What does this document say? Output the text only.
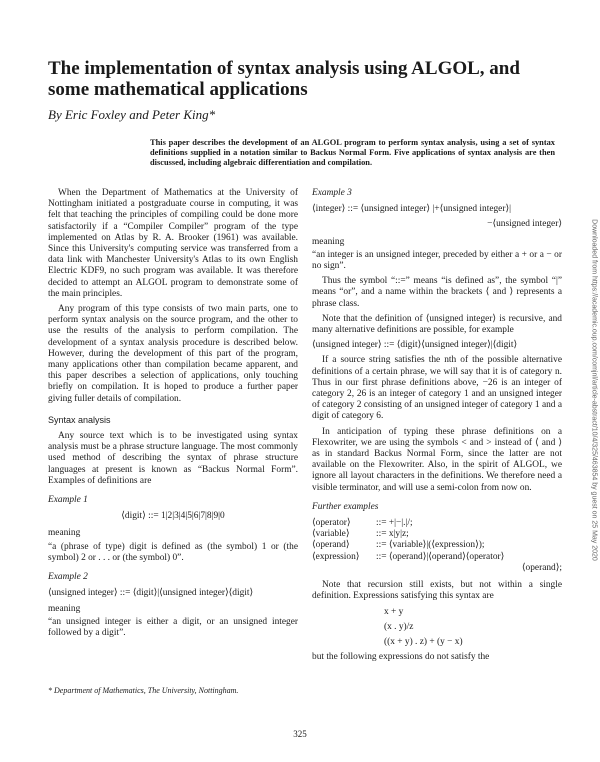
The implementation of syntax analysis using ALGOL, and some mathematical applications
By Eric Foxley and Peter King*
This paper describes the development of an ALGOL program to perform syntax analysis, using a set of syntax definitions supplied in a notation similar to Backus Normal Form. Five applications of syntax analysis are then discussed, including algebraic differentiation and compilation.

When the Department of Mathematics at the University of Nottingham initiated a postgraduate course in computing, it was felt that teaching the principles of compiling could be done more satisfactorily if a “Compiler Compiler” program of the type implemented on Atlas by R. A. Brooker (1961) was available. Since this University's computing service was transferred from a data link with Manchester University's Atlas to its own English Electric KDF9, no such program was available. It was therefore decided to attempt an ALGOL program to demonstrate some of the main principles.

Any program of this type consists of two main parts, one to perform syntax analysis on the source program, and the other to use the results of the analysis to perform compilation. The development of a syntax analysis procedure is described below. However, during the development of this part of the program, many applications other than compilation became apparent, and this paper describes a selection of applications, only touching briefly on compilation. It is hoped to produce a further paper giving fuller details of compilation.

Syntax analysis

Any source text which is to be investigated using syntax analysis must be a phrase structure language. The most commonly used method of describing the syntax of phrase structure languages at present is known as “Backus Normal Form”. Examples of definitions are

Example 1
⟨digit⟩ ::= 1|2|3|4|5|6|7|8|9|0
meaning

“a (phrase of type) digit is defined as (the symbol) 1 or (the symbol) 2 or . . . or (the symbol) 0”.

Example 2
⟨unsigned integer⟩ ::= ⟨digit⟩|⟨unsigned integer⟩⟨digit⟩
meaning

“an unsigned integer is either a digit, or an unsigned integer followed by a digit”.

* Department of Mathematics, The University, Nottingham.
Example 3
⟨integer⟩ ::= ⟨unsigned integer⟩ |+⟨unsigned integer⟩|
−⟨unsigned integer⟩
meaning

“an integer is an unsigned integer, preceded by either a + or a − or no sign”.

Thus the symbol “::=” means “is defined as”, the symbol “|” means “or”, and a name within the brackets ⟨ and ⟩ represents a phrase class.

Note that the definition of ⟨unsigned integer⟩ is recursive, and many alternative definitions are possible, for example

⟨unsigned integer⟩ ::= ⟨digit⟩⟨unsigned integer⟩|⟨digit⟩

If a source string satisfies the nth of the possible alternative definitions of a certain phrase, we will say that it is of category n. Thus in our first phrase definitions above, −26 is an integer of category 2, 26 is an integer of category 1 and an unsigned integer of category 2 consisting of an unsigned integer of category 1 and a digit of category 6.

In anticipation of typing these phrase definitions on a Flexowriter, we are using the symbols < and > instead of ⟨ and ⟩ as in standard Backus Normal Form, since the latter are not available on the Flexowriter. Also, in the spirit of ALGOL, we ignore all layout characters in the definitions. We therefore need a visible terminator, and will use a semi-colon from now on.

Further examples
⟨operator⟩	::= +|−|.|/;
⟨variable⟩	::= x|y|z;
⟨operand⟩	::= ⟨variable⟩|(⟨expression⟩);
⟨expression⟩	::= ⟨operand⟩|⟨operand⟩⟨operator⟩
⟨operand⟩;

Note that recursion still exists, but not within a single definition. Expressions satisfying this syntax are

x + y
(x . y)/z
((x + y) . z) + (y − x)

but the following expressions do not satisfy the

325
Downloaded from https://academic.oup.com/comjnl/article-abstract/10/4/325/463854 by guest on 25 May 2020
